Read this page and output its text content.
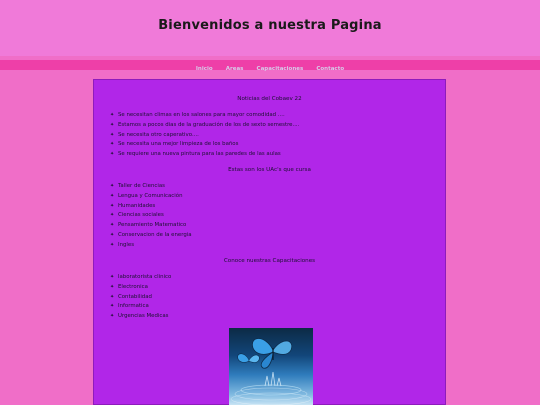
Bienvenidos a nuestra Pagina
Inicio Areas Capacitaciones Contacto

Noticias del Cobaev 22

✦ Se necesitan climas en los salones para mayor comodidad ....
✦ Estamos a pocos dias de la graduación de los de sexto semestre....
✦ Se necesita otro caperativo....
✦ Se necesita una mejor limpieza de los baños
✦ Se requiere una nueva pintura para las paredes de las aulas

Estas son los UAc's que cursa

✦ Taller de Ciencias
✦ Lengua y Comunicación
✦ Humanidades
✦ Ciencias sociales
✦ Pensamiento Matematico
✦ Conservacion de la energia
✦ Ingles

Conoce nuestras Capacitaciones

✦ laboratorista clinico
✦ Electronica
✦ Contabilidad
✦ Informatica
✦ Urgencias Medicas
